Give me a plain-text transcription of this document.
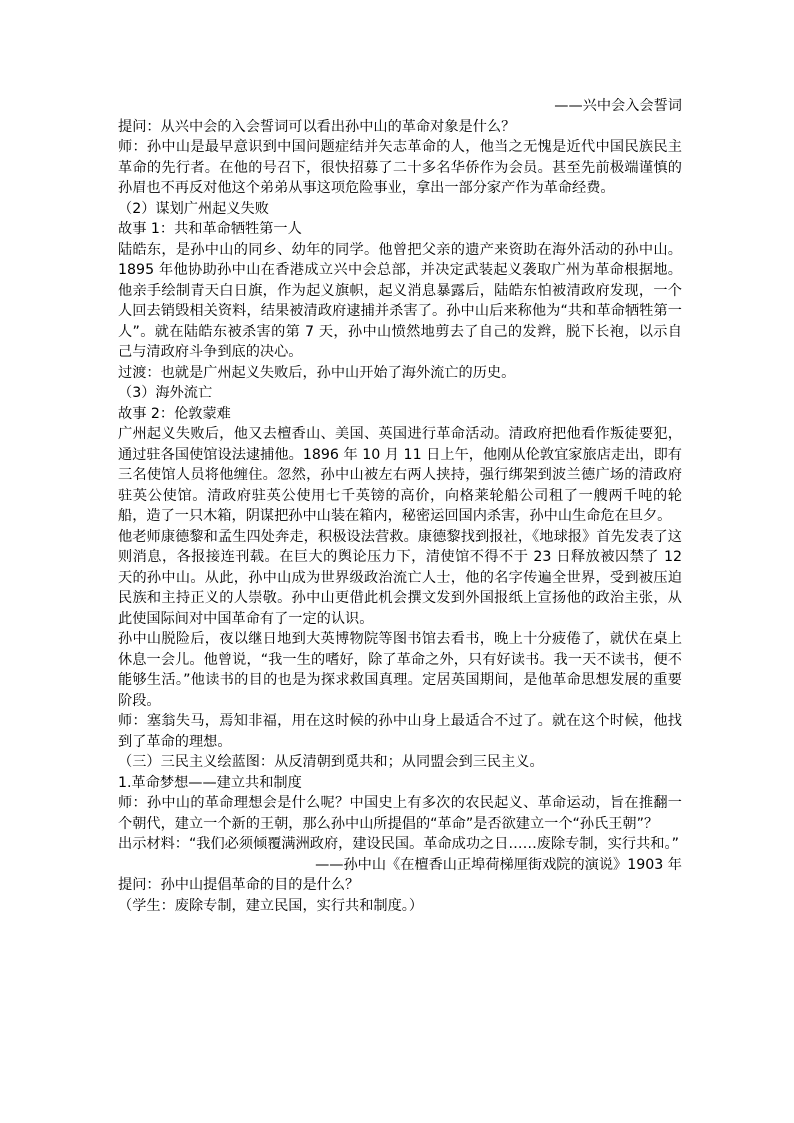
——兴中会入会誓词

提问：从兴中会的入会誓词可以看出孙中山的革命对象是什么？

师：孙中山是最早意识到中国问题症结并矢志革命的人，他当之无愧是近代中国民族民主革命的先行者。在他的号召下，很快招募了二十多名华侨作为会员。甚至先前极端谨慎的孙眉也不再反对他这个弟弟从事这项危险事业，拿出一部分家产作为革命经费。

（2）谋划广州起义失败

故事 1：共和革命牺牲第一人

陆皓东，是孙中山的同乡、幼年的同学。他曾把父亲的遗产来资助在海外活动的孙中山。1895 年他协助孙中山在香港成立兴中会总部，并决定武装起义袭取广州为革命根据地。他亲手绘制青天白日旗，作为起义旗帜，起义消息暴露后，陆皓东怕被清政府发现，一个人回去销毁相关资料，结果被清政府逮捕并杀害了。孙中山后来称他为“共和革命牺牲第一人”。就在陆皓东被杀害的第 7 天，孙中山愤然地剪去了自己的发辫，脱下长袍，以示自己与清政府斗争到底的决心。

过渡：也就是广州起义失败后，孙中山开始了海外流亡的历史。

（3）海外流亡

故事 2：伦敦蒙难

广州起义失败后，他又去檀香山、美国、英国进行革命活动。清政府把他看作叛徒要犯，通过驻各国使馆设法逮捕他。1896 年 10 月 11 日上午，他刚从伦敦宜家旅店走出，即有三名使馆人员将他缠住。忽然，孙中山被左右两人挟持，强行绑架到波兰德广场的清政府驻英公使馆。清政府驻英公使用七千英镑的高价，向格莱轮船公司租了一艘两千吨的轮船，造了一只木箱，阴谋把孙中山装在箱内，秘密运回国内杀害，孙中山生命危在旦夕。

他老师康德黎和孟生四处奔走，积极设法营救。康德黎找到报社，《地球报》首先发表了这则消息，各报接连刊载。在巨大的舆论压力下，清使馆不得不于 23 日释放被囚禁了 12 天的孙中山。从此，孙中山成为世界级政治流亡人士，他的名字传遍全世界，受到被压迫民族和主持正义的人崇敬。孙中山更借此机会撰文发到外国报纸上宣扬他的政治主张，从此使国际间对中国革命有了一定的认识。

孙中山脱险后，夜以继日地到大英博物院等图书馆去看书，晚上十分疲倦了，就伏在桌上休息一会儿。他曾说，“我一生的嗜好，除了革命之外，只有好读书。我一天不读书，便不能够生活。”他读书的目的也是为探求救国真理。定居英国期间，是他革命思想发展的重要阶段。

师：塞翁失马，焉知非福，用在这时候的孙中山身上最适合不过了。就在这个时候，他找到了革命的理想。

（三）三民主义绘蓝图：从反清朝到觅共和；从同盟会到三民主义。

1.革命梦想——建立共和制度

师：孙中山的革命理想会是什么呢？中国史上有多次的农民起义、革命运动，旨在推翻一个朝代，建立一个新的王朝，那么孙中山所提倡的“革命”是否欲建立一个“孙氏王朝”？

出示材料：“我们必须倾覆满洲政府，建设民国。革命成功之日……废除专制，实行共和。”

——孙中山《在檀香山正埠荷梯厘街戏院的演说》1903 年

提问：孙中山提倡革命的目的是什么？

（学生：废除专制，建立民国，实行共和制度。）
